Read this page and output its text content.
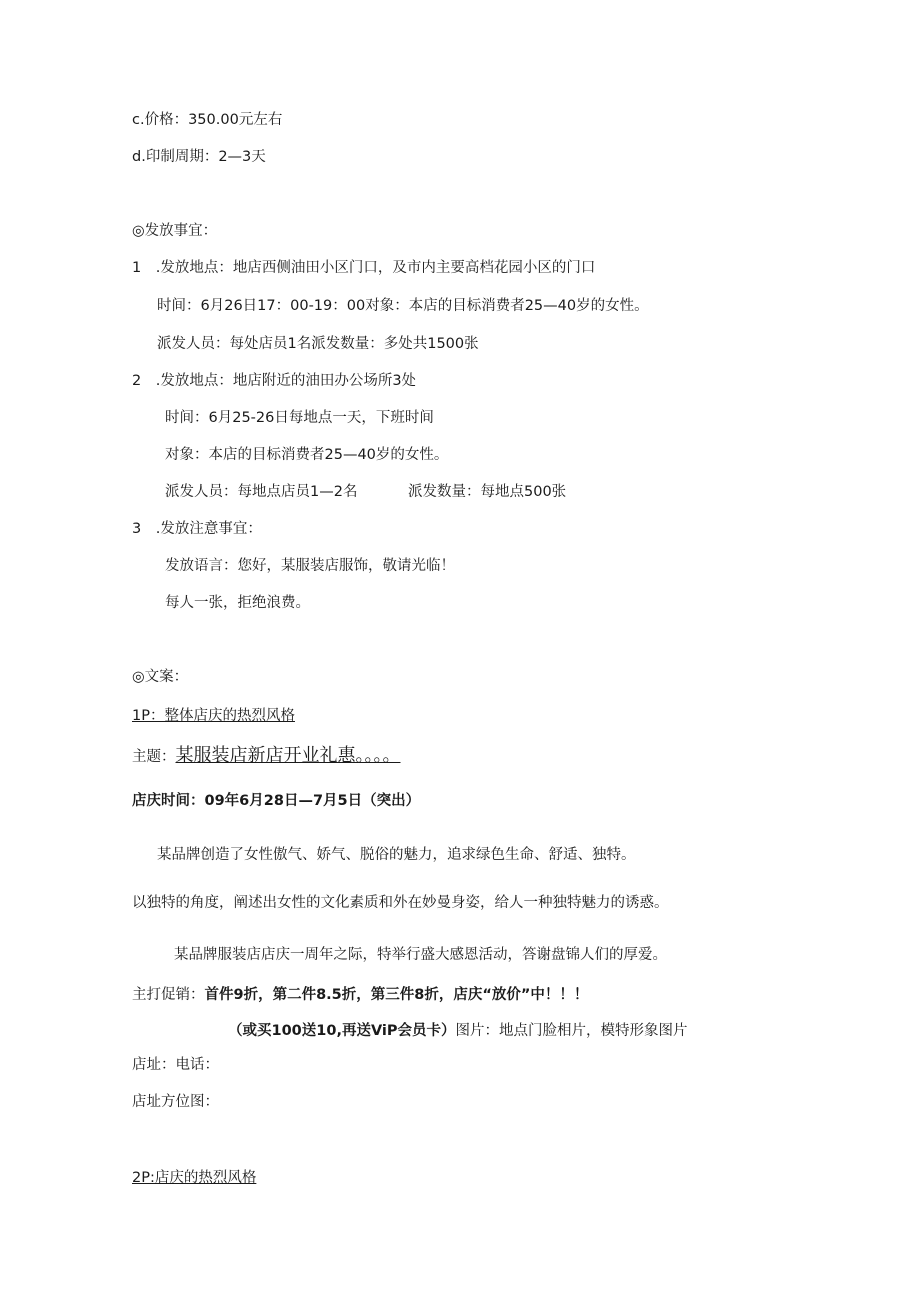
c.价格：350.00元左右
d.印制周期：2—3天
◎发放事宜：
1　.发放地点：地店西侧油田小区门口，及市内主要高档花园小区的门口
时间：6月26日17：00-19：00对象：本店的目标消费者25—40岁的女性。
派发人员：每处店员1名派发数量：多处共1500张
2　.发放地点：地店附近的油田办公场所3处
时间：6月25-26日每地点一天，下班时间
对象：本店的目标消费者25—40岁的女性。
派发人员：每地点店员1—2名	派发数量：每地点500张
3　.发放注意事宜：
发放语言：您好，某服装店服饰，敬请光临！
每人一张，拒绝浪费。
◎文案：
1P：整体店庆的热烈风格
主题：某服装店新店开业礼惠。。。。
店庆时间：09年6月28日—7月5日（突出）
某品牌创造了女性傲气、娇气、脱俗的魅力，追求绿色生命、舒适、独特。
以独特的角度，阐述出女性的文化素质和外在妙曼身姿，给人一种独特魅力的诱惑。
某品牌服装店店庆一周年之际，特举行盛大感恩活动，答谢盘锦人们的厚爱。
主打促销：首件9折，第二件8.5折，第三件8折，店庆“放价”中！！！
（或买100送10,再送ViP会员卡）图片：地点门脸相片，模特形象图片
店址：电话：
店址方位图：
2P:店庆的热烈风格
